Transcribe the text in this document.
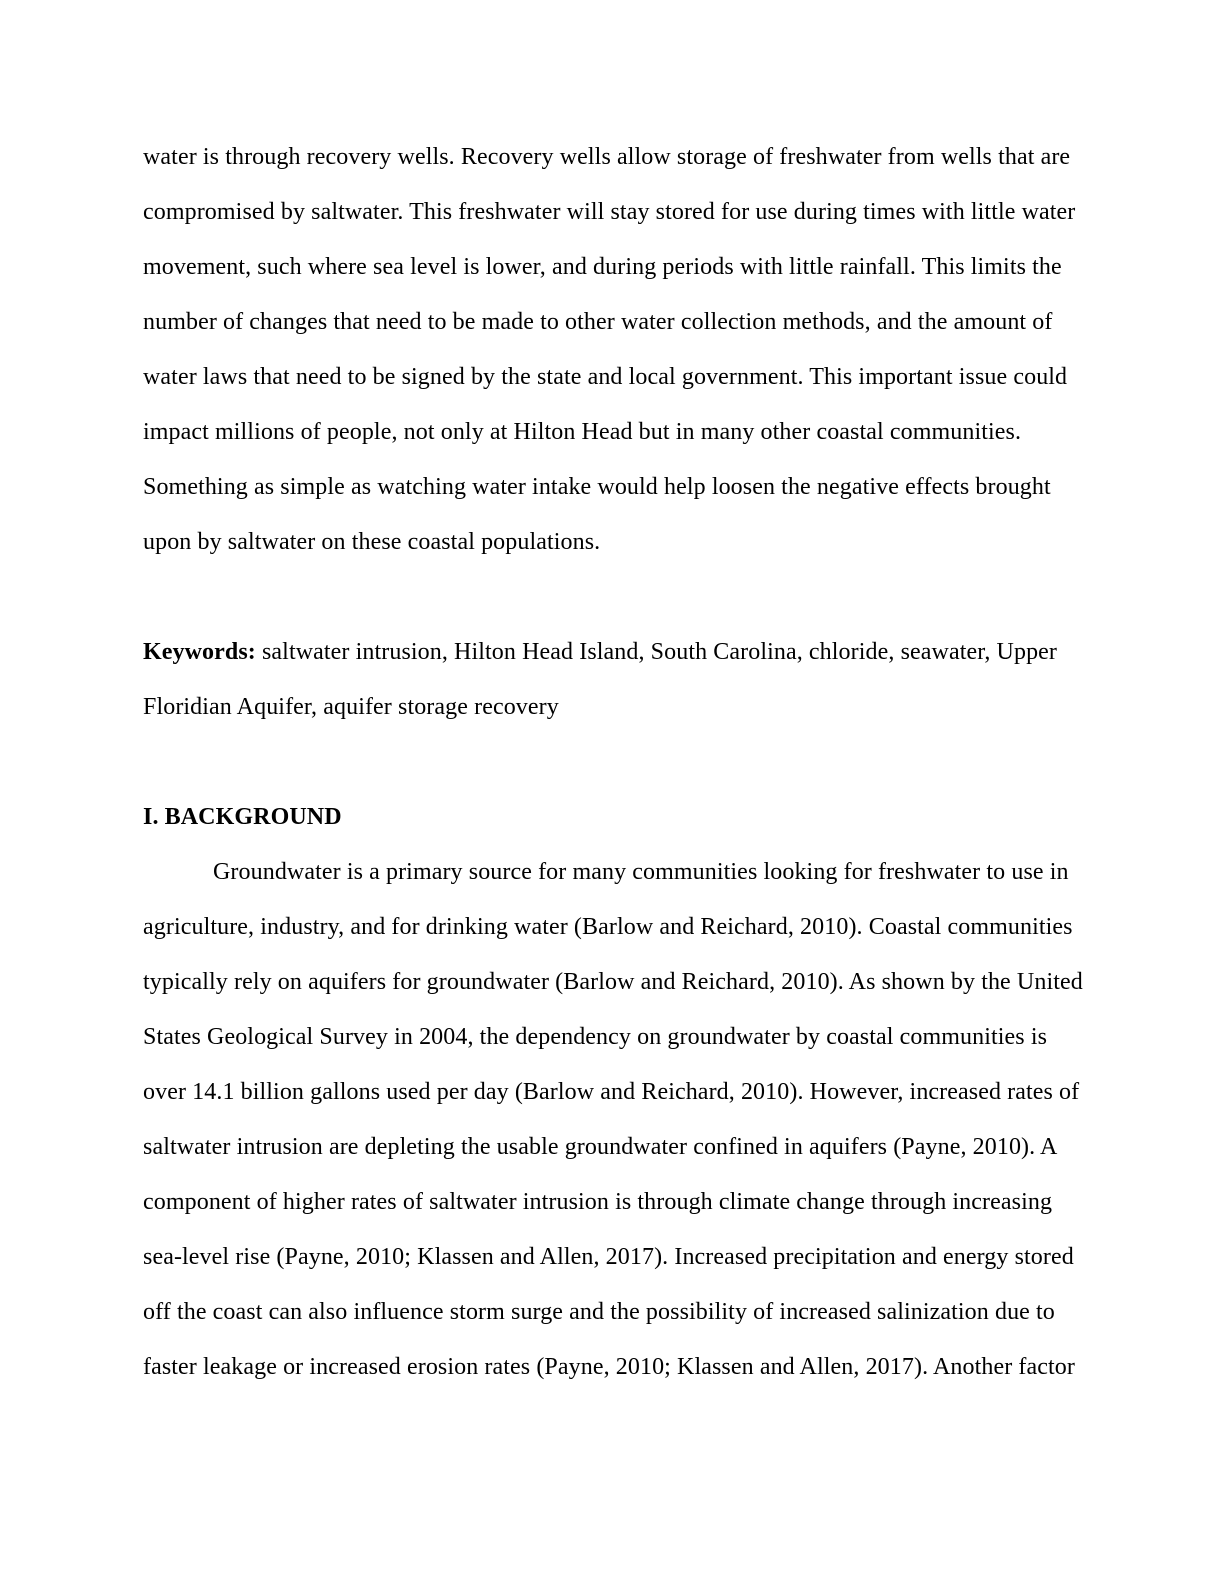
water is through recovery wells. Recovery wells allow storage of freshwater from wells that are
compromised by saltwater. This freshwater will stay stored for use during times with little water
movement, such where sea level is lower, and during periods with little rainfall. This limits the
number of changes that need to be made to other water collection methods, and the amount of
water laws that need to be signed by the state and local government. This important issue could
impact millions of people, not only at Hilton Head but in many other coastal communities.
Something as simple as watching water intake would help loosen the negative effects brought
upon by saltwater on these coastal populations.
Keywords: saltwater intrusion, Hilton Head Island, South Carolina, chloride, seawater, Upper
Floridian Aquifer, aquifer storage recovery
I. BACKGROUND
Groundwater is a primary source for many communities looking for freshwater to use in
agriculture, industry, and for drinking water (Barlow and Reichard, 2010). Coastal communities
typically rely on aquifers for groundwater (Barlow and Reichard, 2010). As shown by the United
States Geological Survey in 2004, the dependency on groundwater by coastal communities is
over 14.1 billion gallons used per day (Barlow and Reichard, 2010). However, increased rates of
saltwater intrusion are depleting the usable groundwater confined in aquifers (Payne, 2010). A
component of higher rates of saltwater intrusion is through climate change through increasing
sea-level rise (Payne, 2010; Klassen and Allen, 2017). Increased precipitation and energy stored
off the coast can also influence storm surge and the possibility of increased salinization due to
faster leakage or increased erosion rates (Payne, 2010; Klassen and Allen, 2017). Another factor
